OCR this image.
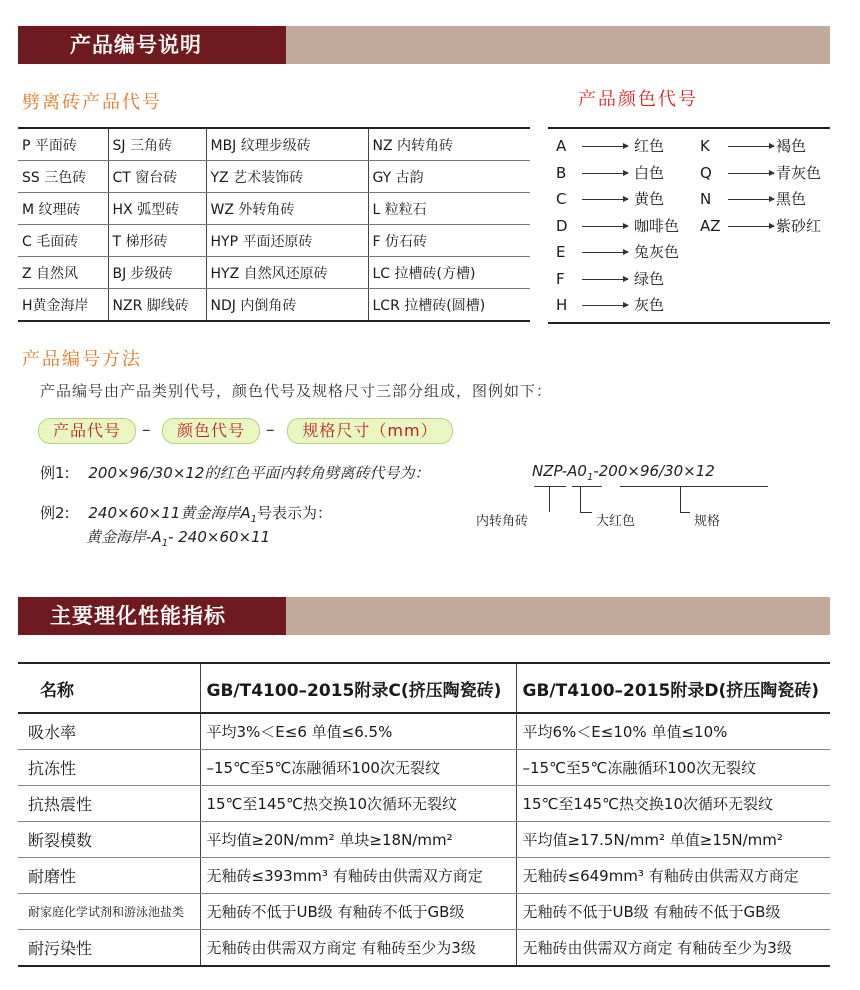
产品编号说明
劈离砖产品代号
P 平面砖	SJ 三角砖	MBJ 纹理步级砖	NZ 内转角砖
SS 三色砖	CT 窗台砖	YZ 艺术装饰砖	GY 古韵
M 纹理砖	HX 弧型砖	WZ 外转角砖	L 粒粒石
C 毛面砖	T 梯形砖	HYP 平面还原砖	F 仿石砖
Z 自然风	BJ 步级砖	HYZ 自然风还原砖	LC 拉槽砖(方槽)
H黄金海岸	NZR 脚线砖	NDJ 内倒角砖	LCR 拉槽砖(圆槽)
产品颜色代号
A	红色
B	白色
C	黄色
D	咖啡色
E	兔灰色
F	绿色
H	灰色
K	褐色
Q	青灰色
N	黑色
AZ	紫砂红
产品编号方法
产品编号由产品类别代号，颜色代号及规格尺寸三部分组成，图例如下：
产品代号	–	颜色代号	–	规格尺寸（mm）
例1: 200×96/30×12的红色平面内转角劈离砖代号为：	NZP-$A0_1-200\times 96/30\times 12$
内转角砖	大红色	规格
例2: 240×60×11黄金海岸$A_1$号表示为：
黄金海岸$-A_1-$ 240×60×11
主要理化性能指标
名称	GB/T4100–2015附录C(挤压陶瓷砖)	GB/T4100–2015附录D(挤压陶瓷砖)
吸水率	平均3%＜E≤6 单值≤6.5%	平均6%＜E≤10% 单值≤10%
抗冻性	–15℃至5℃冻融循环100次无裂纹	–15℃至5℃冻融循环100次无裂纹
抗热震性	15℃至145℃热交换10次循环无裂纹	15℃至145℃热交换10次循环无裂纹
断裂模数	平均值≥20N/mm² 单块≥18N/mm²	平均值≥17.5N/mm² 单值≥15N/mm²
耐磨性	无釉砖≤393mm³ 有釉砖由供需双方商定	无釉砖≤649mm³ 有釉砖由供需双方商定
耐家庭化学试剂和游泳池盐类	无釉砖不低于UB级 有釉砖不低于GB级	无釉砖不低于UB级 有釉砖不低于GB级
耐污染性	无釉砖由供需双方商定 有釉砖至少为3级	无釉砖由供需双方商定 有釉砖至少为3级
